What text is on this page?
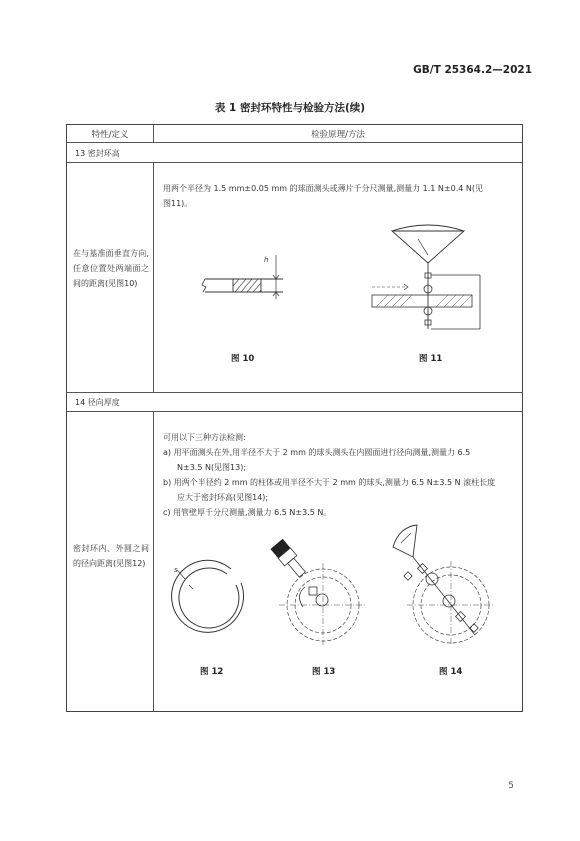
GB/T 25364.2—2021
表 1 密封环特性与检验方法(续)
特性/定义	检验原理/方法
13 密封环高
在与基准面垂直方向,任意位置处两端面之间的距离(见图10)
用两个半径为 1.5 mm±0.05 mm 的球面测头或薄片千分尺测量,测量力 1.1 N±0.4 N(见图11)。
h
图 10	图 11
14 径向厚度
密封环内、外圆之间的径向距离(见图12)
可用以下三种方法检测:
a) 用平面测头在外,用半径不大于 2 mm 的球头测头在内圆面进行径向测量,测量力 6.5 N±3.5 N(见图13);
b) 用两个半径约 2 mm 的柱体或用半径不大于 2 mm 的球头,测量力 6.5 N±3.5 N 滚柱长度应大于密封环高(见图14);
c) 用管壁厚千分尺测量,测量力 6.5 N±3.5 N。
s
图 12	图 13	图 14
5
